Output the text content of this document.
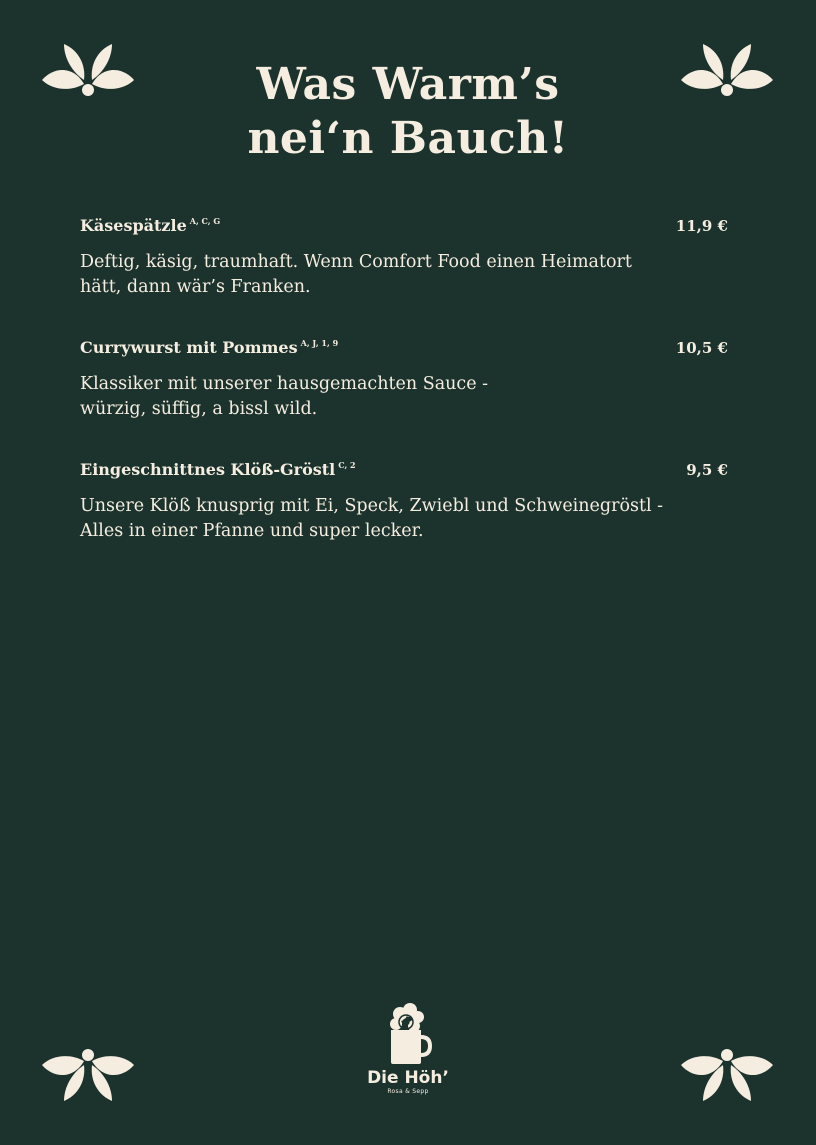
Was Warm’s
nei‘n Bauch!
Käsespätzle $^{A, C, G}$	11,9 €
Deftig, käsig, traumhaft. Wenn Comfort Food einen Heimatort
hätt, dann wär’s Franken.
Currywurst mit Pommes $^{A, J, 1, 9}$	10,5 €
Klassiker mit unserer hausgemachten Sauce -
würzig, süffig, a bissl wild.
Eingeschnittnes Klöß-Gröstl $^{C, 2}$	9,5 €
Unsere Klöß knusprig mit Ei, Speck, Zwiebl und Schweinegröstl -
Alles in einer Pfanne und super lecker.
Die Höh’
Rosa & Sepp
